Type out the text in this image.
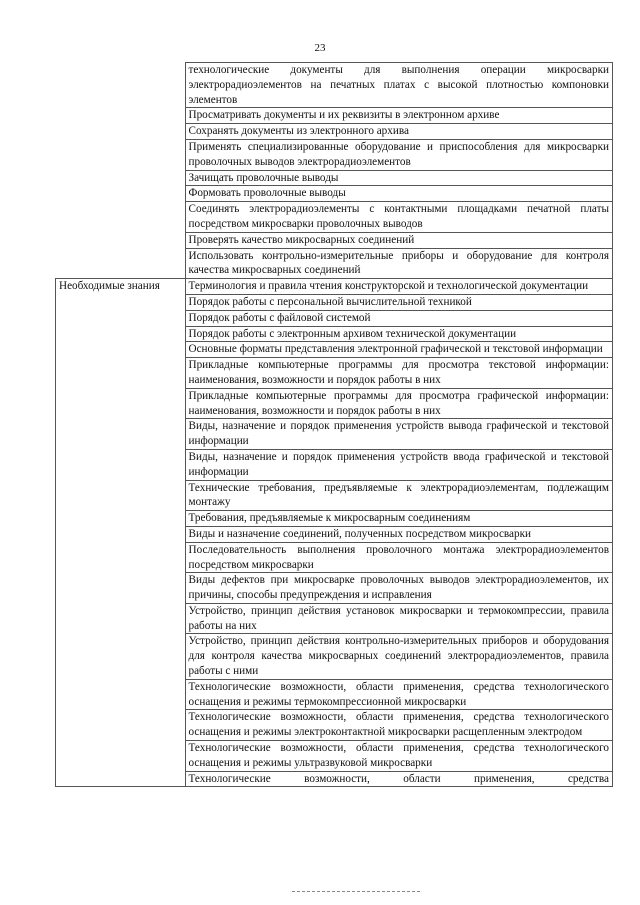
23
	технологические документы для выполнения операции микросварки электрорадиоэлементов на печатных платах с высокой плотностью компоновки элементов
	Просматривать документы и их реквизиты в электронном архиве
	Сохранять документы из электронного архива
	Применять специализированные оборудование и приспособления для микросварки проволочных выводов электрорадиоэлементов
	Зачищать проволочные выводы
	Формовать проволочные выводы
	Соединять электрорадиоэлементы с контактными площадками печатной платы посредством микросварки проволочных выводов
	Проверять качество микросварных соединений
	Использовать контрольно-измерительные приборы и оборудование для контроля качества микросварных соединений
Необходимые знания	Терминология и правила чтения конструкторской и технологической документации
	Порядок работы с персональной вычислительной техникой
	Порядок работы с файловой системой
	Порядок работы с электронным архивом технической документации
	Основные форматы представления электронной графической и текстовой информации
	Прикладные компьютерные программы для просмотра текстовой информации: наименования, возможности и порядок работы в них
	Прикладные компьютерные программы для просмотра графической информации: наименования, возможности и порядок работы в них
	Виды, назначение и порядок применения устройств вывода графической и текстовой информации
	Виды, назначение и порядок применения устройств ввода графической и текстовой информации
	Технические требования, предъявляемые к электрорадиоэлементам, подлежащим монтажу
	Требования, предъявляемые к микросварным соединениям
	Виды и назначение соединений, полученных посредством микросварки
	Последовательность выполнения проволочного монтажа электрорадиоэлементов посредством микросварки
	Виды дефектов при микросварке проволочных выводов электрорадиоэлементов, их причины, способы предупреждения и исправления
	Устройство, принцип действия установок микросварки и термокомпрессии, правила работы на них
	Устройство, принцип действия контрольно-измерительных приборов и оборудования для контроля качества микросварных соединений электрорадиоэлементов, правила работы с ними
	Технологические возможности, области применения, средства технологического оснащения и режимы термокомпрессионной микросварки
	Технологические возможности, области применения, средства технологического оснащения и режимы электроконтактной микросварки расщепленным электродом
	Технологические возможности, области применения, средства технологического оснащения и режимы ультразвуковой микросварки
	Технологические возможности, области применения, средства
